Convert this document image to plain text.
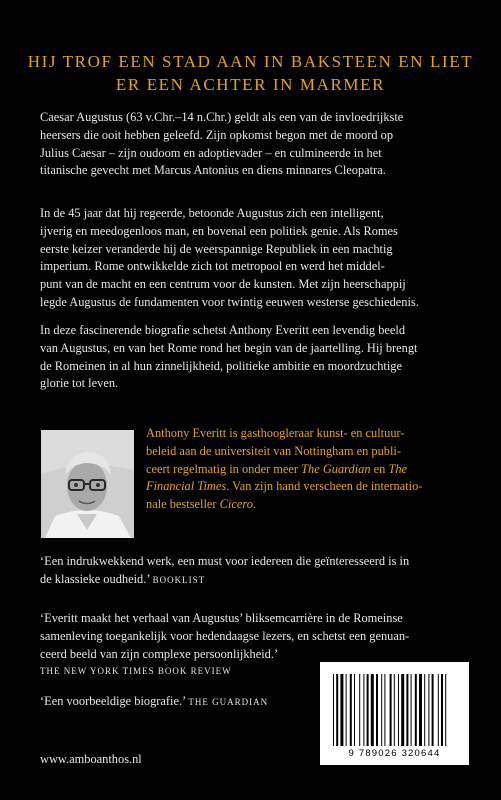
HIJ TROF EEN STAD AAN IN BAKSTEEN EN LIET
ER EEN ACHTER IN MARMER
Caesar Augustus (63 v.Chr.–14 n.Chr.) geldt als een van de invloedrijkste
heersers die ooit hebben geleefd. Zijn opkomst begon met de moord op
Julius Caesar – zijn oudoom en adoptievader – en culmineerde in het
titanische gevecht met Marcus Antonius en diens minnares Cleopatra.
In de 45 jaar dat hij regeerde, betoonde Augustus zich een intelligent,
ijverig en meedogenloos man, en bovenal een politiek genie. Als Romes
eerste keizer veranderde hij de weerspannige Republiek in een machtig
imperium. Rome ontwikkelde zich tot metropool en werd het middel-
punt van de macht en een centrum voor de kunsten. Met zijn heerschappij
legde Augustus de fundamenten voor twintig eeuwen westerse geschiedenis.
In deze fascinerende biografie schetst Anthony Everitt een levendig beeld
van Augustus, en van het Rome rond het begin van de jaartelling. Hij brengt
de Romeinen in al hun zinnelijkheid, politieke ambitie en moordzuchtige
glorie tot leven.
Anthony Everitt is gasthoogleraar kunst- en cultuur-
beleid aan de universiteit van Nottingham en publi-
ceert regelmatig in onder meer The Guardian en The
Financial Times. Van zijn hand verscheen de internatio-
nale bestseller Cicero.
‘Een indrukwekkend werk, een must voor iedereen die geïnteresseerd is in
de klassieke oudheid.’ BOOKLIST
‘Everitt maakt het verhaal van Augustus’ bliksemcarrière in de Romeinse
samenleving toegankelijk voor hedendaagse lezers, en schetst een genuan-
ceerd beeld van zijn complexe persoonlijkheid.’
THE NEW YORK TIMES BOOK REVIEW
‘Een voorbeeldige biografie.’ THE GUARDIAN
9 789026 320644
www.amboanthos.nl
